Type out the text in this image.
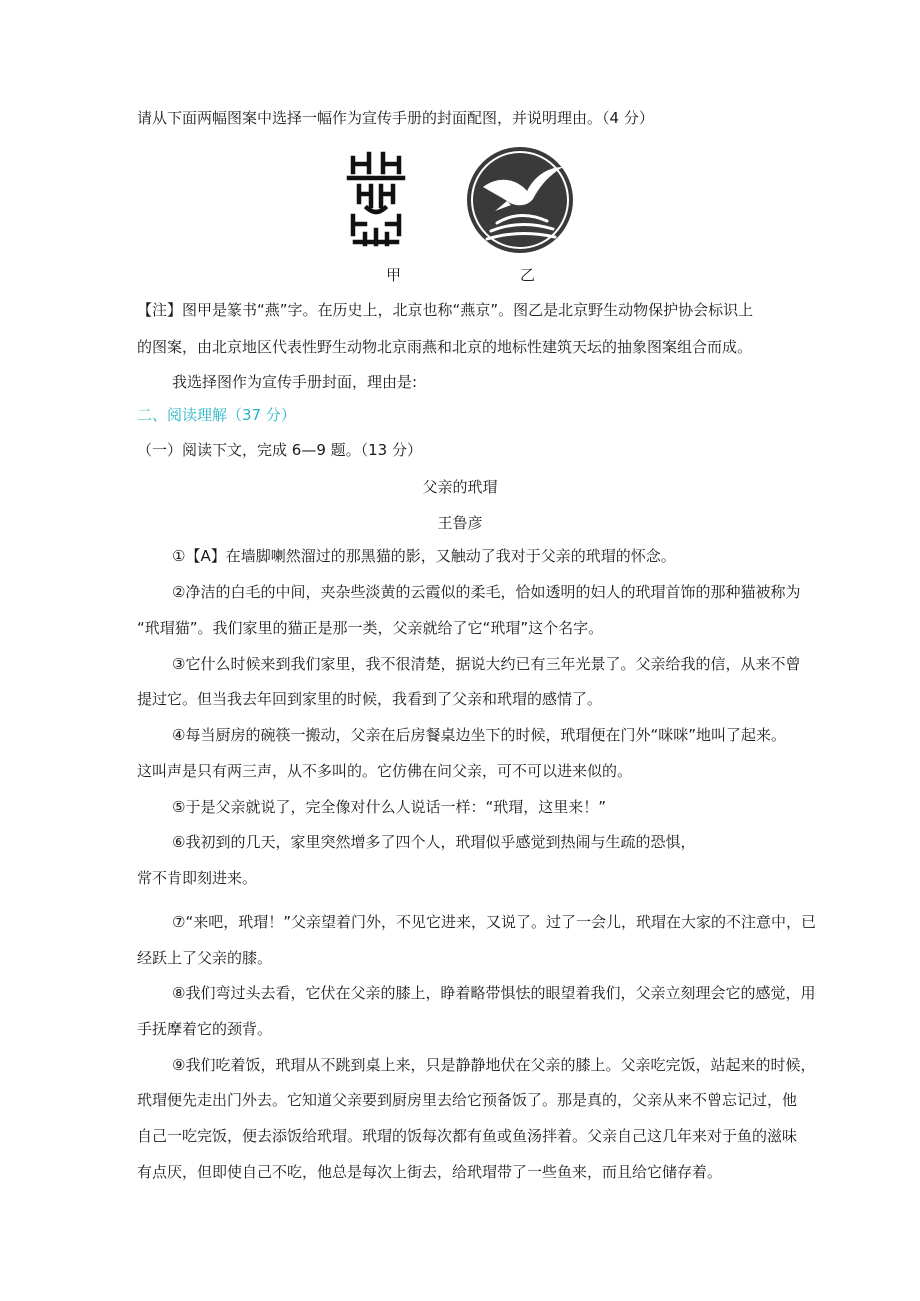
请从下面两幅图案中选择一幅作为宣传手册的封面配图，并说明理由。（4 分）
甲	乙
【注】图甲是篆书“燕”字。在历史上，北京也称“燕京”。图乙是北京野生动物保护协会标识上
的图案，由北京地区代表性野生动物北京雨燕和北京的地标性建筑天坛的抽象图案组合而成。
我选择图作为宣传手册封面，理由是:
二、阅读理解（37 分）
（一）阅读下文，完成 6—9 题。（13 分）
父亲的玳瑁
王鲁彦
①【A】在墙脚喇然溜过的那黑猫的影，又触动了我对于父亲的玳瑁的怀念。
②净洁的白毛的中间，夹杂些淡黄的云霞似的柔毛，恰如透明的妇人的玳瑁首饰的那种猫被称为
“玳瑁猫”。我们家里的猫正是那一类，父亲就给了它“玳瑁”这个名字。
③它什么时候来到我们家里，我不很清楚，据说大约已有三年光景了。父亲给我的信，从来不曾
提过它。但当我去年回到家里的时候，我看到了父亲和玳瑁的感情了。
④每当厨房的碗筷一搬动，父亲在后房餐桌边坐下的时候，玳瑁便在门外“咪咪”地叫了起来。
这叫声是只有两三声，从不多叫的。它仿佛在问父亲，可不可以进来似的。
⑤于是父亲就说了，完全像对什么人说话一样：“玳瑁，这里来！”
⑥我初到的几天，家里突然增多了四个人，玳瑁似乎感觉到热闹与生疏的恐惧，
常不肯即刻进来。
⑦“来吧，玳瑁！”父亲望着门外，不见它进来，又说了。过了一会儿，玳瑁在大家的不注意中，已
经跃上了父亲的膝。
⑧我们弯过头去看，它伏在父亲的膝上，睁着略带惧怯的眼望着我们，父亲立刻理会它的感觉，用
手抚摩着它的颈背。
⑨我们吃着饭，玳瑁从不跳到桌上来，只是静静地伏在父亲的膝上。父亲吃完饭，站起来的时候，
玳瑁便先走出门外去。它知道父亲要到厨房里去给它预备饭了。那是真的，父亲从来不曾忘记过，他
自己一吃完饭，便去添饭给玳瑁。玳瑁的饭每次都有鱼或鱼汤拌着。父亲自己这几年来对于鱼的滋味
有点厌，但即使自己不吃，他总是每次上街去，给玳瑁带了一些鱼来，而且给它储存着。
